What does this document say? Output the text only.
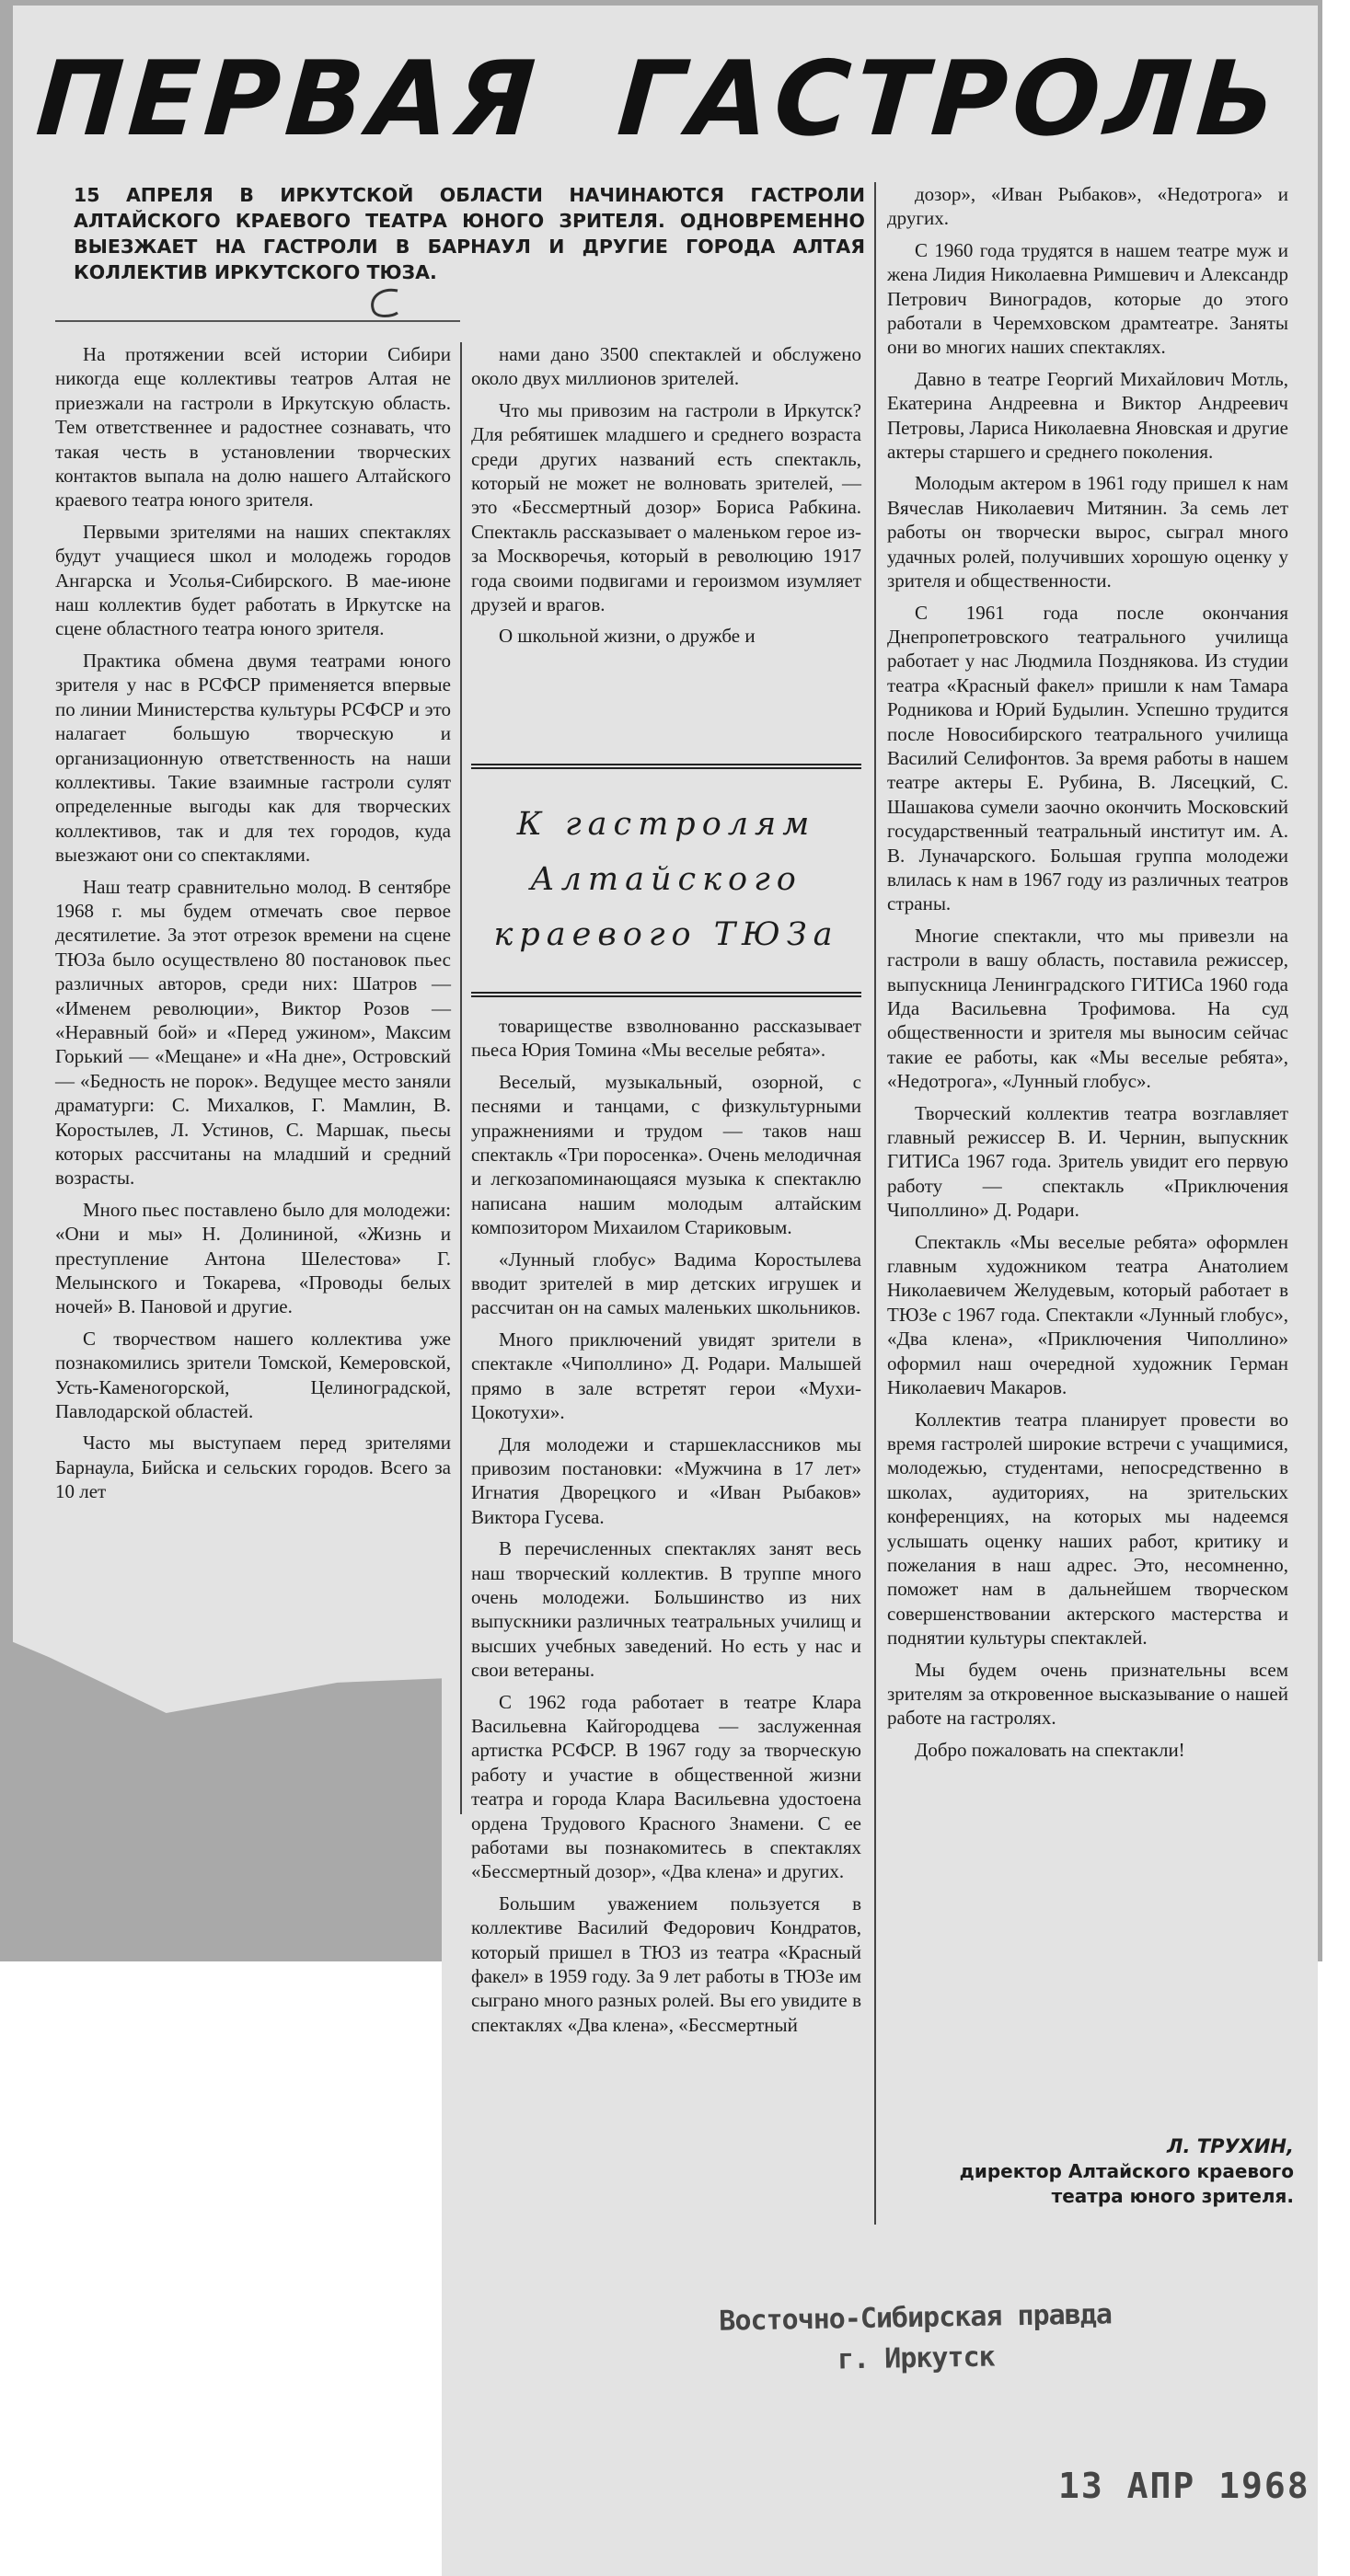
ПЕРВАЯ ГАСТРОЛЬ

15 АПРЕЛЯ В ИРКУТСКОЙ ОБЛАСТИ НАЧИНАЮТСЯ ГАСТРОЛИ АЛТАЙСКОГО КРАЕВОГО ТЕАТРА ЮНОГО ЗРИТЕЛЯ. ОДНОВРЕМЕННО ВЫЕЗЖАЕТ НА ГАСТРОЛИ В БАРНАУЛ И ДРУГИЕ ГОРОДА АЛТАЯ КОЛЛЕКТИВ ИРКУТСКОГО ТЮЗА.

На протяжении всей истории Сибири никогда еще коллективы театров Алтая не приезжали на гастроли в Иркутскую область. Тем ответственнее и радостнее сознавать, что такая честь в установлении творческих контактов выпала на долю нашего Алтайского краевого театра юного зрителя.

Первыми зрителями на наших спектаклях будут учащиеся школ и молодежь городов Ангарска и Усолья-Сибирского. В мае-июне наш коллектив будет работать в Иркутске на сцене областного театра юного зрителя.

Практика обмена двумя театрами юного зрителя у нас в РСФСР применяется впервые по линии Министерства культуры РСФСР и это налагает большую творческую и организационную ответственность на наши коллективы. Такие взаимные гастроли сулят определенные выгоды как для творческих коллективов, так и для тех городов, куда выезжают они со спектаклями.

Наш театр сравнительно молод. В сентябре 1968 г. мы будем отмечать свое первое десятилетие. За этот отрезок времени на сцене ТЮЗа было осуществлено 80 постановок пьес различных авторов, среди них: Шатров — «Именем революции», Виктор Розов — «Неравный бой» и «Перед ужином», Максим Горький — «Мещане» и «На дне», Островский — «Бедность не порок». Ведущее место заняли драматурги: С. Михалков, Г. Мамлин, В. Коростылев, Л. Устинов, С. Маршак, пьесы которых рассчитаны на младший и средний возрасты.

Много пьес поставлено было для молодежи: «Они и мы» Н. Долининой, «Жизнь и преступление Антона Шелестова» Г. Мелынского и Токарева, «Проводы белых ночей» В. Пановой и другие.

С творчеством нашего коллектива уже познакомились зрители Томской, Кемеровской, Усть-Каменогорской, Целиноградской, Павлодарской областей.

Часто мы выступаем перед зрителями Барнаула, Бийска и сельских городов. Всего за 10 лет

нами дано 3500 спектаклей и обслужено около двух миллионов зрителей.

Что мы привозим на гастроли в Иркутск? Для ребятишек младшего и среднего возраста среди других названий есть спектакль, который не может не волновать зрителей, — это «Бессмертный дозор» Бориса Рабкина. Спектакль рассказывает о маленьком герое из-за Москворечья, который в революцию 1917 года своими подвигами и героизмом изумляет друзей и врагов.

О школьной жизни, о дружбе и

К гастролям
Алтайского
краевого ТЮЗа

товариществе взволнованно рассказывает пьеса Юрия Томина «Мы веселые ребята».

Веселый, музыкальный, озорной, с песнями и танцами, с физкультурными упражнениями и трудом — таков наш спектакль «Три поросенка». Очень мелодичная и легкозапоминающаяся музыка к спектаклю написана нашим молодым алтайским композитором Михаилом Стариковым.

«Лунный глобус» Вадима Коростылева вводит зрителей в мир детских игрушек и рассчитан он на самых маленьких школьников.

Много приключений увидят зрители в спектакле «Чиполлино» Д. Родари. Малышей прямо в зале встретят герои «Мухи-Цокотухи».

Для молодежи и старшеклассников мы привозим постановки: «Мужчина в 17 лет» Игнатия Дворецкого и «Иван Рыбаков» Виктора Гусева.

В перечисленных спектаклях занят весь наш творческий коллектив. В труппе много очень молодежи. Большинство из них выпускники различных театральных училищ и высших учебных заведений. Но есть у нас и свои ветераны.

С 1962 года работает в театре Клара Васильевна Кайгородцева — заслуженная артистка РСФСР. В 1967 году за творческую работу и участие в общественной жизни театра и города Клара Васильевна удостоена ордена Трудового Красного Знамени. С ее работами вы познакомитесь в спектаклях «Бессмертный дозор», «Два клена» и других.

Большим уважением пользуется в коллективе Василий Федорович Кондратов, который пришел в ТЮЗ из театра «Красный факел» в 1959 году. За 9 лет работы в ТЮЗе им сыграно много разных ролей. Вы его увидите в спектаклях «Два клена», «Бессмертный

дозор», «Иван Рыбаков», «Недотрога» и других.

С 1960 года трудятся в нашем театре муж и жена Лидия Николаевна Римшевич и Александр Петрович Виноградов, которые до этого работали в Черемховском драмтеатре. Заняты они во многих наших спектаклях.

Давно в театре Георгий Михайлович Мотль, Екатерина Андреевна и Виктор Андреевич Петровы, Лариса Николаевна Яновская и другие актеры старшего и среднего поколения.

Молодым актером в 1961 году пришел к нам Вячеслав Николаевич Митянин. За семь лет работы он творчески вырос, сыграл много удачных ролей, получивших хорошую оценку у зрителя и общественности.

С 1961 года после окончания Днепропетровского театрального училища работает у нас Людмила Позднякова. Из студии театра «Красный факел» пришли к нам Тамара Родникова и Юрий Будылин. Успешно трудится после Новосибирского театрального училища Василий Селифонтов. За время работы в нашем театре актеры Е. Рубина, В. Лясецкий, С. Шашакова сумели заочно окончить Московский государственный театральный институт им. А. В. Луначарского. Большая группа молодежи влилась к нам в 1967 году из различных театров страны.

Многие спектакли, что мы привезли на гастроли в вашу область, поставила режиссер, выпускница Ленинградского ГИТИСа 1960 года Ида Васильевна Трофимова. На суд общественности и зрителя мы выносим сейчас такие ее работы, как «Мы веселые ребята», «Недотрога», «Лунный глобус».

Творческий коллектив театра возглавляет главный режиссер В. И. Чернин, выпускник ГИТИСа 1967 года. Зритель увидит его первую работу — спектакль «Приключения Чиполлино» Д. Родари.

Спектакль «Мы веселые ребята» оформлен главным художником театра Анатолием Николаевичем Желудевым, который работает в ТЮЗе с 1967 года. Спектакли «Лунный глобус», «Два клена», «Приключения Чиполлино» оформил наш очередной художник Герман Николаевич Макаров.

Коллектив театра планирует провести во время гастролей широкие встречи с учащимися, молодежью, студентами, непосредственно в школах, аудиториях, на зрительских конференциях, на которых мы надеемся услышать оценку наших работ, критику и пожелания в наш адрес. Это, несомненно, поможет нам в дальнейшем творческом совершенствовании актерского мастерства и поднятии культуры спектаклей.

Мы будем очень признательны всем зрителям за откровенное высказывание о нашей работе на гастролях.

Добро пожаловать на спектакли!

Л. ТРУХИН,
директор Алтайского краевого театра юного зрителя.
Восточно-Сибирская правда
г. Иркутск
13 АПР 1968
